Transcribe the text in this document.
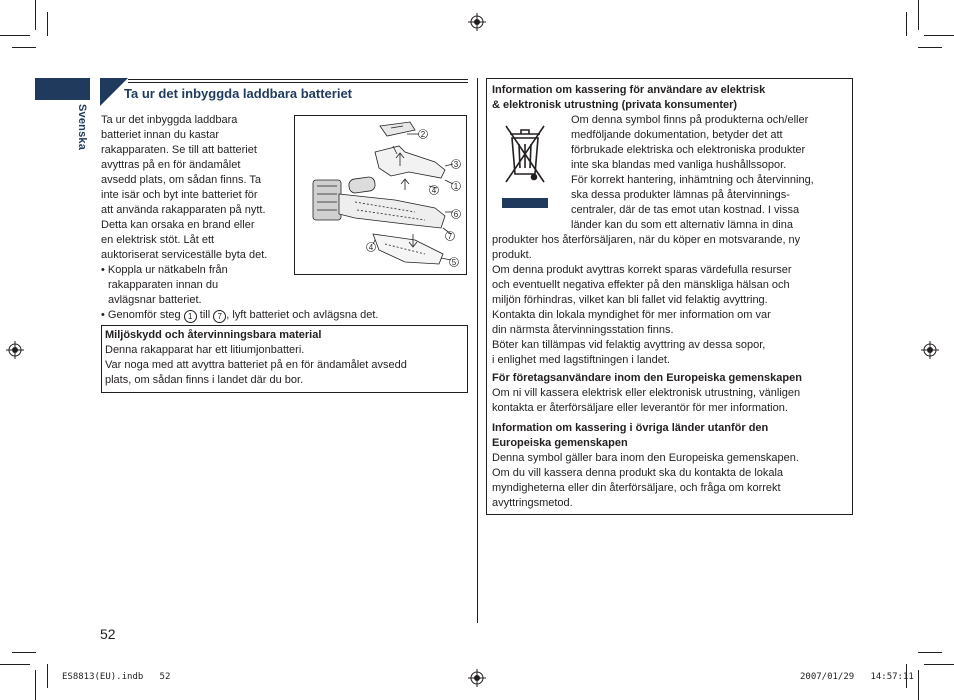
Svenska
Ta ur det inbyggda laddbara batteriet
Ta ur det inbyggda laddbara
batteriet innan du kastar
rakapparaten. Se till att batteriet
avyttras på en för ändamålet
avsedd plats, om sådan finns. Ta
inte isär och byt inte batteriet för
att använda rakapparaten på nytt.
Detta kan orsaka en brand eller
en elektrisk stöt. Låt ett
auktoriserat serviceställe byta det.
• Koppla ur nätkabeln från
rakapparaten innan du
avlägsnar batteriet.
• Genomför steg 1 till 7 , lyft batteriet och avlägsna det.
2
3
4 1
6
7
4
5
Miljöskydd och återvinningsbara material
Denna rakapparat har ett litiumjonbatteri.
Var noga med att avyttra batteriet på en för ändamålet avsedd
plats, om sådan finns i landet där du bor.
Information om kassering för användare av elektrisk
& elektronisk utrustning (privata konsumenter)
Om denna symbol finns på produkterna och/eller
medföljande dokumentation, betyder det att
förbrukade elektriska och elektroniska produkter
inte ska blandas med vanliga hushållssopor.
För korrekt hantering, inhämtning och återvinning,
ska dessa produkter lämnas på återvinnings-
centraler, där de tas emot utan kostnad. I vissa
länder kan du som ett alternativ lämna in dina
produkter hos återförsäljaren, när du köper en motsvarande, ny
produkt.
Om denna produkt avyttras korrekt sparas värdefulla resurser
och eventuellt negativa effekter på den mänskliga hälsan och
miljön förhindras, vilket kan bli fallet vid felaktig avyttring.
Kontakta din lokala myndighet för mer information om var
din närmsta återvinningsstation finns.
Böter kan tillämpas vid felaktig avyttring av dessa sopor,
i enlighet med lagstiftningen i landet.
För företagsanvändare inom den Europeiska gemenskapen
Om ni vill kassera elektrisk eller elektronisk utrustning, vänligen
kontakta er återförsäljare eller leverantör för mer information.
Information om kassering i övriga länder utanför den
Europeiska gemenskapen
Denna symbol gäller bara inom den Europeiska gemenskapen.
Om du vill kassera denna produkt ska du kontakta de lokala
myndigheterna eller din återförsäljare, och fråga om korrekt
avyttringsmetod.
52
ES8813(EU).indb   52	2007/01/29   14:57:11
